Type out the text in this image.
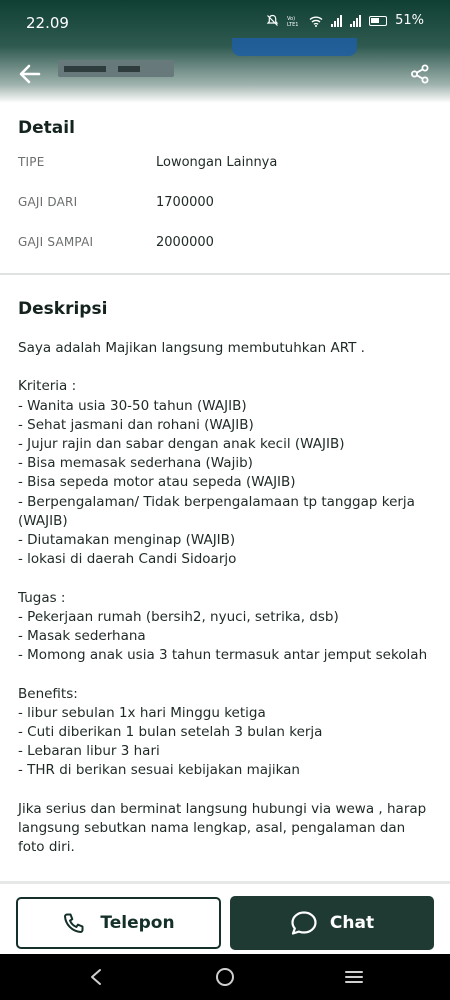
22.09	Vo)
LTE1	51%
Detail
TIPE	Lowongan Lainnya
GAJI DARI	1700000
GAJI SAMPAI	2000000
Deskripsi
Saya adalah Majikan langsung membutuhkan ART .

Kriteria :
- Wanita usia 30-50 tahun (WAJIB)
- Sehat jasmani dan rohani (WAJIB)
- Jujur rajin dan sabar dengan anak kecil (WAJIB)
- Bisa memasak sederhana (Wajib)
- Bisa sepeda motor atau sepeda (WAJIB)
- Berpengalaman/ Tidak berpengalamaan tp tanggap kerja (WAJIB)
- Diutamakan menginap (WAJIB)
- lokasi di daerah Candi Sidoarjo

Tugas :
- Pekerjaan rumah (bersih2, nyuci, setrika, dsb)
- Masak sederhana
- Momong anak usia 3 tahun termasuk antar jemput sekolah

Benefits:
- libur sebulan 1x hari Minggu ketiga
- Cuti diberikan 1 bulan setelah 3 bulan kerja
- Lebaran libur 3 hari
- THR di berikan sesuai kebijakan majikan

Jika serius dan berminat langsung hubungi via wewa , harap langsung sebutkan nama lengkap, asal, pengalaman dan foto diri.
Telepon	Chat
